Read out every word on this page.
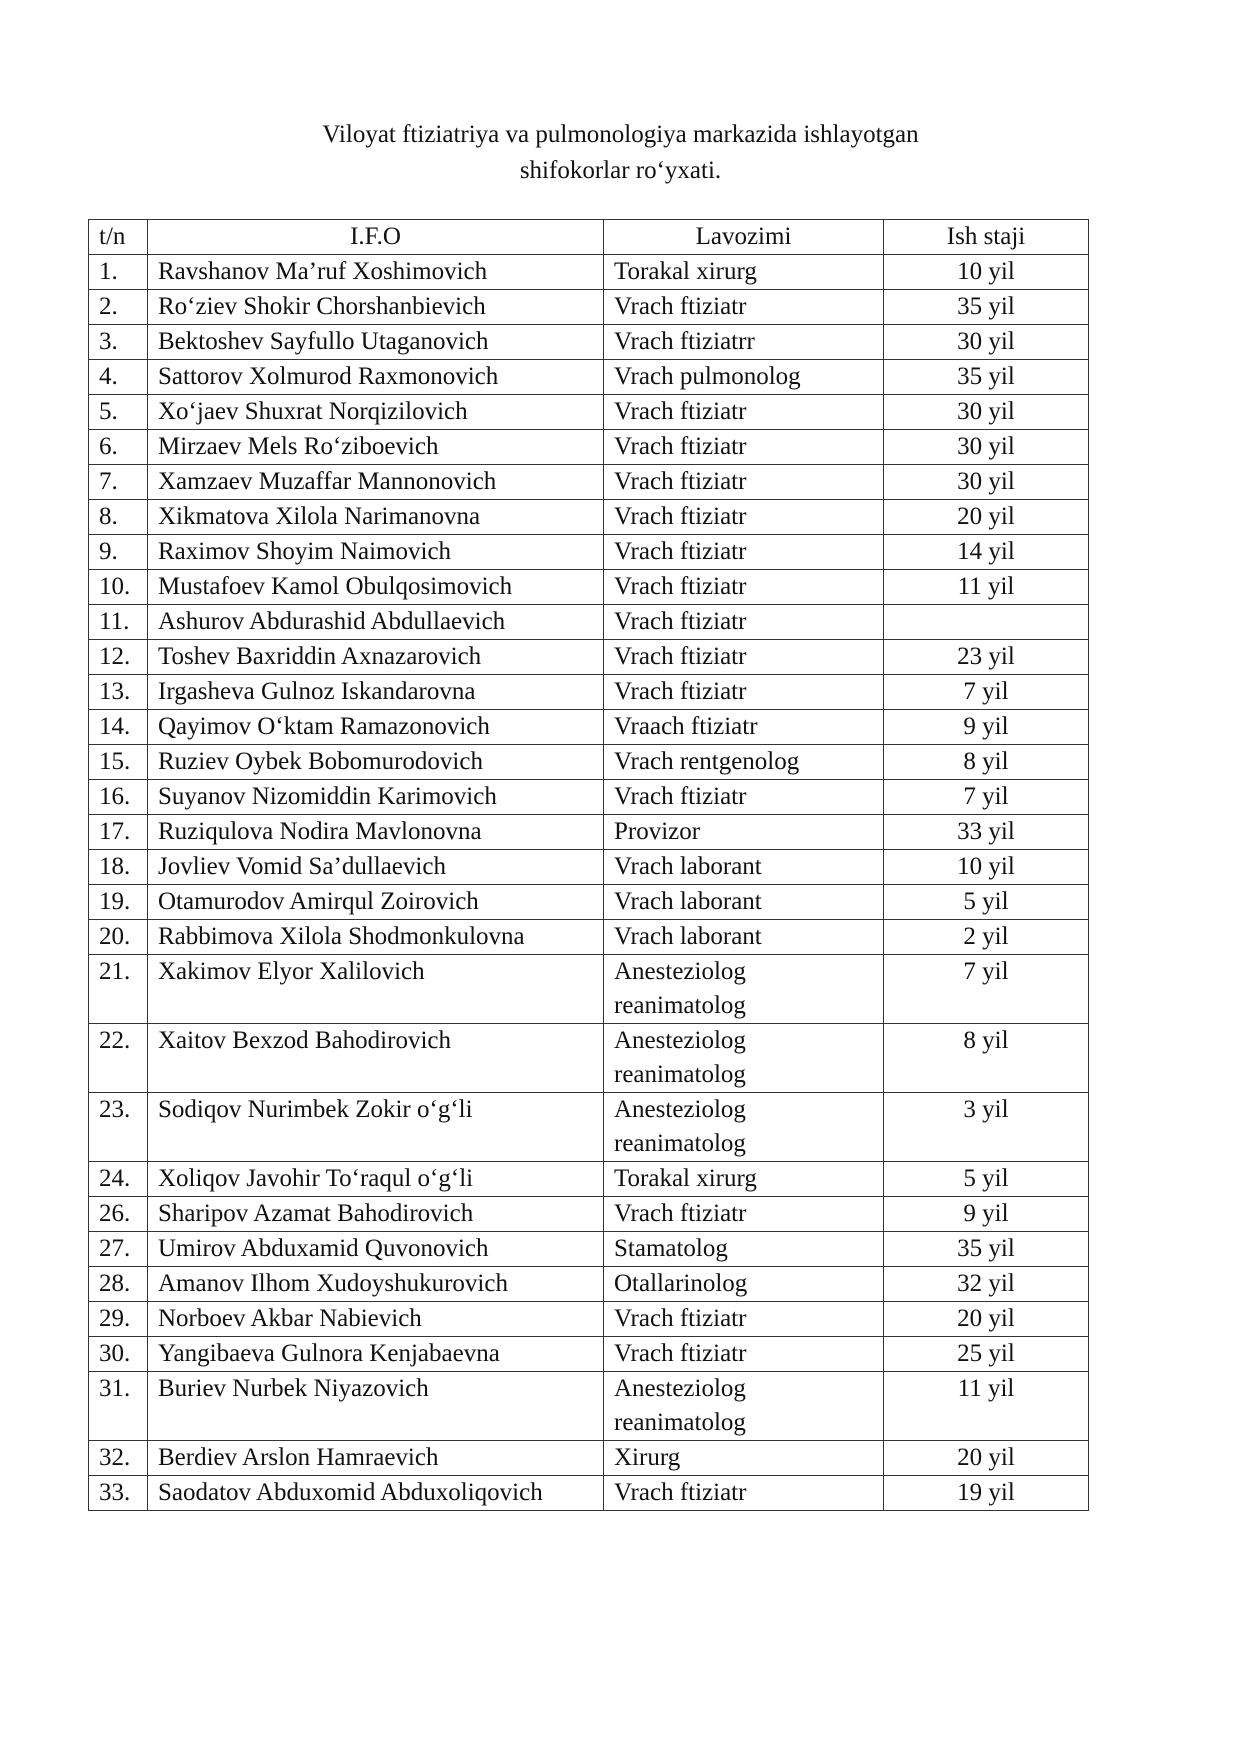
Viloyat ftiziatriya va pulmonologiya markazida ishlayotgan
shifokorlar ro‘yxati.
t/n	I.F.O	Lavozimi	Ish staji
1.	Ravshanov Ma’ruf Xoshimovich	Torakal xirurg	10 yil
2.	Ro‘ziev Shokir Chorshanbievich	Vrach ftiziatr	35 yil
3.	Bektoshev Sayfullo Utaganovich	Vrach ftiziatrr	30 yil
4.	Sattorov Xolmurod Raxmonovich	Vrach pulmonolog	35 yil
5.	Xo‘jaev Shuxrat Norqizilovich	Vrach ftiziatr	30 yil
6.	Mirzaev Mels Ro‘ziboevich	Vrach ftiziatr	30 yil
7.	Xamzaev Muzaffar Mannonovich	Vrach ftiziatr	30 yil
8.	Xikmatova Xilola Narimanovna	Vrach ftiziatr	20 yil
9.	Raximov Shoyim Naimovich	Vrach ftiziatr	14 yil
10.	Mustafoev Kamol Obulqosimovich	Vrach ftiziatr	11 yil
11.	Ashurov Abdurashid Abdullaevich	Vrach ftiziatr	
12.	Toshev Baxriddin Axnazarovich	Vrach ftiziatr	23 yil
13.	Irgasheva Gulnoz Iskandarovna	Vrach ftiziatr	7 yil
14.	Qayimov O‘ktam Ramazonovich	Vraach ftiziatr	9 yil
15.	Ruziev Oybek Bobomurodovich	Vrach rentgenolog	8 yil
16.	Suyanov Nizomiddin Karimovich	Vrach ftiziatr	7 yil
17.	Ruziqulova Nodira Mavlonovna	Provizor	33 yil
18.	Jovliev Vomid Sa’dullaevich	Vrach laborant	10 yil
19.	Otamurodov Amirqul Zoirovich	Vrach laborant	5 yil
20.	Rabbimova Xilola Shodmonkulovna	Vrach laborant	2 yil
21.	Xakimov Elyor Xalilovich	Anesteziolog reanimatolog	7 yil
22.	Xaitov Bexzod Bahodirovich	Anesteziolog reanimatolog	8 yil
23.	Sodiqov Nurimbek Zokir o‘g‘li	Anesteziolog reanimatolog	3 yil
24.	Xoliqov Javohir To‘raqul o‘g‘li	Torakal xirurg	5 yil
26.	Sharipov Azamat Bahodirovich	Vrach ftiziatr	9 yil
27.	Umirov Abduxamid Quvonovich	Stamatolog	35 yil
28.	Amanov Ilhom Xudoyshukurovich	Otallarinolog	32 yil
29.	Norboev Akbar Nabievich	Vrach ftiziatr	20 yil
30.	Yangibaeva Gulnora Kenjabaevna	Vrach ftiziatr	25 yil
31.	Buriev Nurbek Niyazovich	Anesteziolog reanimatolog	11 yil
32.	Berdiev Arslon Hamraevich	Xirurg	20 yil
33.	Saodatov Abduxomid Abduxoliqovich	Vrach ftiziatr	19 yil
